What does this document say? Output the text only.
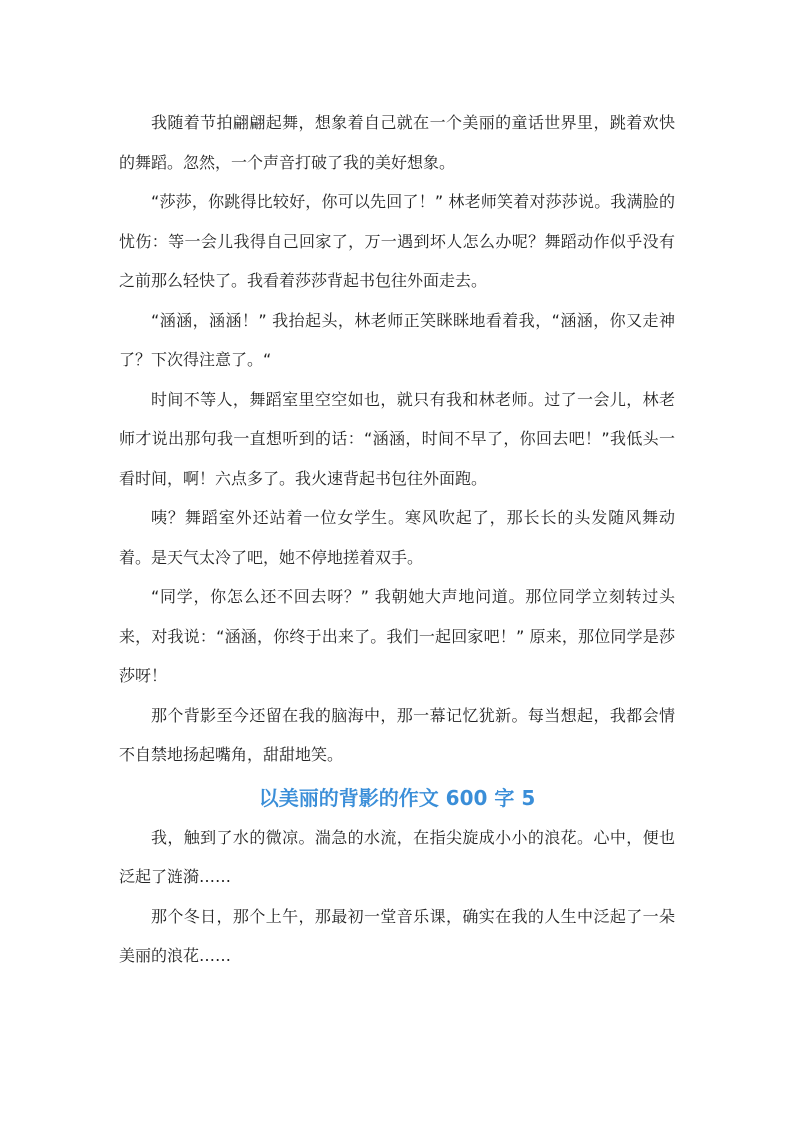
我随着节拍翩翩起舞，想象着自己就在一个美丽的童话世界里，跳着欢快的舞蹈。忽然，一个声音打破了我的美好想象。

“莎莎，你跳得比较好，你可以先回了！” 林老师笑着对莎莎说。我满脸的忧伤：等一会儿我得自己回家了，万一遇到坏人怎么办呢？舞蹈动作似乎没有之前那么轻快了。我看着莎莎背起书包往外面走去。

“涵涵，涵涵！” 我抬起头，林老师正笑眯眯地看着我，“涵涵，你又走神了？下次得注意了。“

时间不等人，舞蹈室里空空如也，就只有我和林老师。过了一会儿，林老师才说出那句我一直想听到的话：“涵涵，时间不早了，你回去吧！”我低头一看时间，啊！六点多了。我火速背起书包往外面跑。

咦？舞蹈室外还站着一位女学生。寒风吹起了，那长长的头发随风舞动着。是天气太冷了吧，她不停地搓着双手。

“同学，你怎么还不回去呀？” 我朝她大声地问道。那位同学立刻转过头来，对我说：“涵涵，你终于出来了。我们一起回家吧！” 原来，那位同学是莎莎呀！

那个背影至今还留在我的脑海中，那一幕记忆犹新。每当想起，我都会情不自禁地扬起嘴角，甜甜地笑。

以美丽的背影的作文 600 字 5

我，触到了水的微凉。湍急的水流，在指尖旋成小小的浪花。心中，便也泛起了涟漪……

那个冬日，那个上午，那最初一堂音乐课，确实在我的人生中泛起了一朵美丽的浪花……
